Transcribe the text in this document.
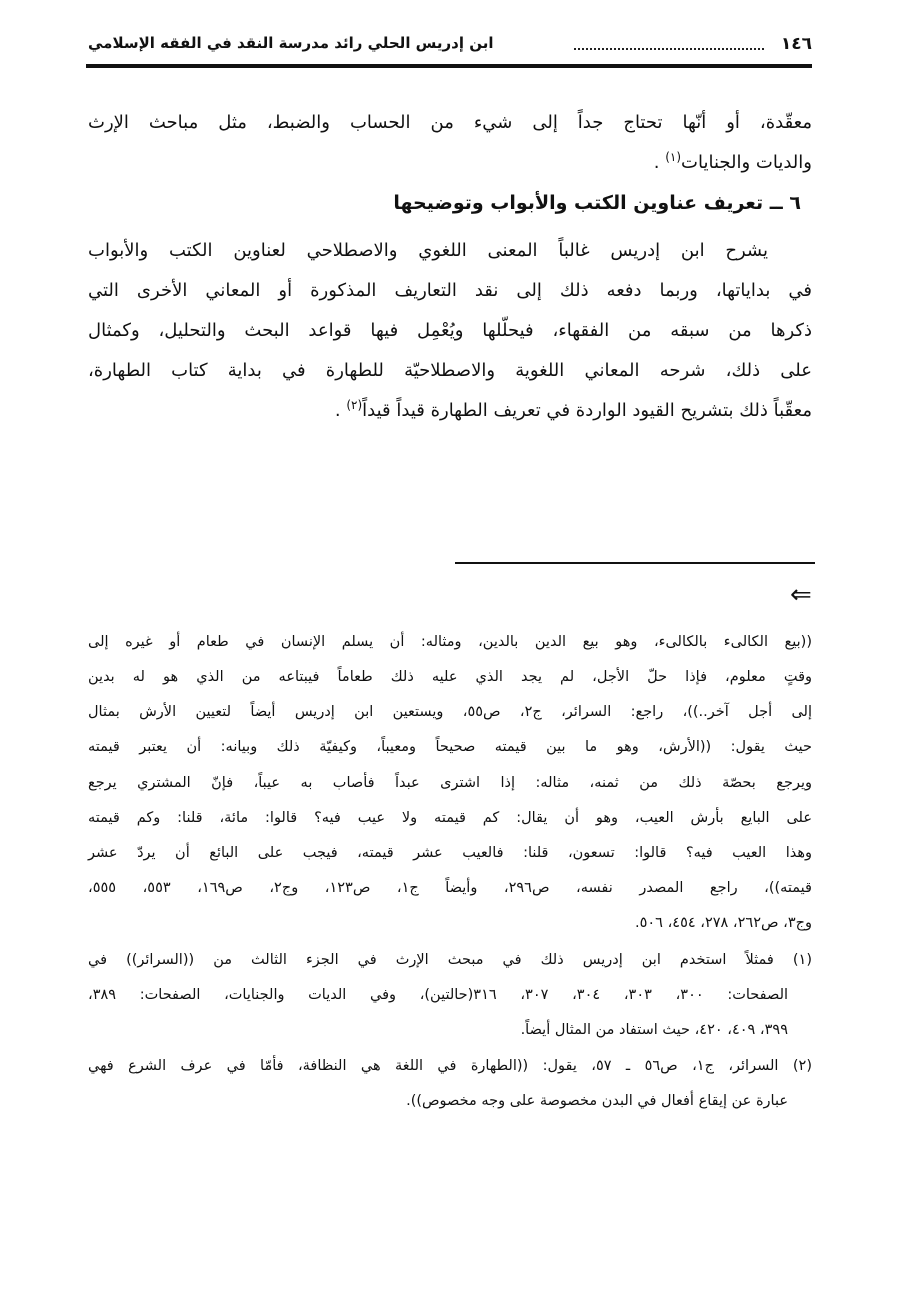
١٤٦
ابن إدريس الحلي رائد مدرسة النقد في الفقه الإسلامي
معقّدة، أو أنّها تحتاج جداً إلى شيء من الحساب والضبط، مثل مباحث الإرث
والديات والجنايات$^{(١)}$ .
٦ ــ تعريف عناوين الكتب والأبواب وتوضيحها
يشرح ابن إدريس غالباً المعنى اللغوي والاصطلاحي لعناوين الكتب والأبواب
في بداياتها، وربما دفعه ذلك إلى نقد التعاريف المذكورة أو المعاني الأخرى التي
ذكرها من سبقه من الفقهاء، فيحلّلها ويُعْمِل فيها قواعد البحث والتحليل، وكمثال
على ذلك، شرحه المعاني اللغوية والاصطلاحيّة للطهارة في بداية كتاب الطهارة،
معقّباً ذلك بتشريح القيود الواردة في تعريف الطهارة قيداً قيداً$^{(٢)}$ .
⇐
((بيع الكالىء بالكالىء، وهو بيع الدين بالدين، ومثاله: أن يسلم الإنسان في طعام أو غيره إلى
وقتٍ معلوم، فإذا حلّ الأجل، لم يجد الذي عليه ذلك طعاماً فيبتاعه من الذي هو له بدين
إلى أجل آخر..))، راجع: السرائر، ج٢، ص٥٥، ويستعين ابن إدريس أيضاً لتعيين الأرش بمثال
حيث يقول: ((الأرش، وهو ما بين قيمته صحيحاً ومعيباً، وكيفيّة ذلك وبيانه: أن يعتبر قيمته
ويرجع بحصّة ذلك من ثمنه، مثاله: إذا اشترى عبداً فأصاب به عيباً، فإنّ المشتري يرجع
على البايع بأرش العيب، وهو أن يقال: كم قيمته ولا عيب فيه؟ قالوا: مائة، قلنا: وكم قيمته
وهذا العيب فيه؟ قالوا: تسعون، قلنا: فالعيب عشر قيمته، فيجب على البائع أن يردّ عشر
قيمته))، راجع المصدر نفسه، ص٢٩٦، وأيضاً ج١، ص١٢٣، وج٢، ص١٦٩، ٥٥٣، ٥٥٥،
وج٣، ص٢٦٢، ٢٧٨، ٤٥٤، ٥٠٦.
(١) فمثلاً استخدم ابن إدريس ذلك في مبحث الإرث في الجزء الثالث من ((السرائر)) في
الصفحات: ٣٠٠، ٣٠٣، ٣٠٤، ٣٠٧، ٣١٦(حالتين)، وفي الديات والجنايات، الصفحات: ٣٨٩،
٣٩٩، ٤٠٩، ٤٢٠، حيث استفاد من المثال أيضاً.
(٢) السرائر، ج١، ص٥٦ ـ ٥٧، يقول: ((الطهارة في اللغة هي النظافة، فأمّا في عرف الشرع فهي
عبارة عن إيقاع أفعال في البدن مخصوصة على وجه مخصوص)).
